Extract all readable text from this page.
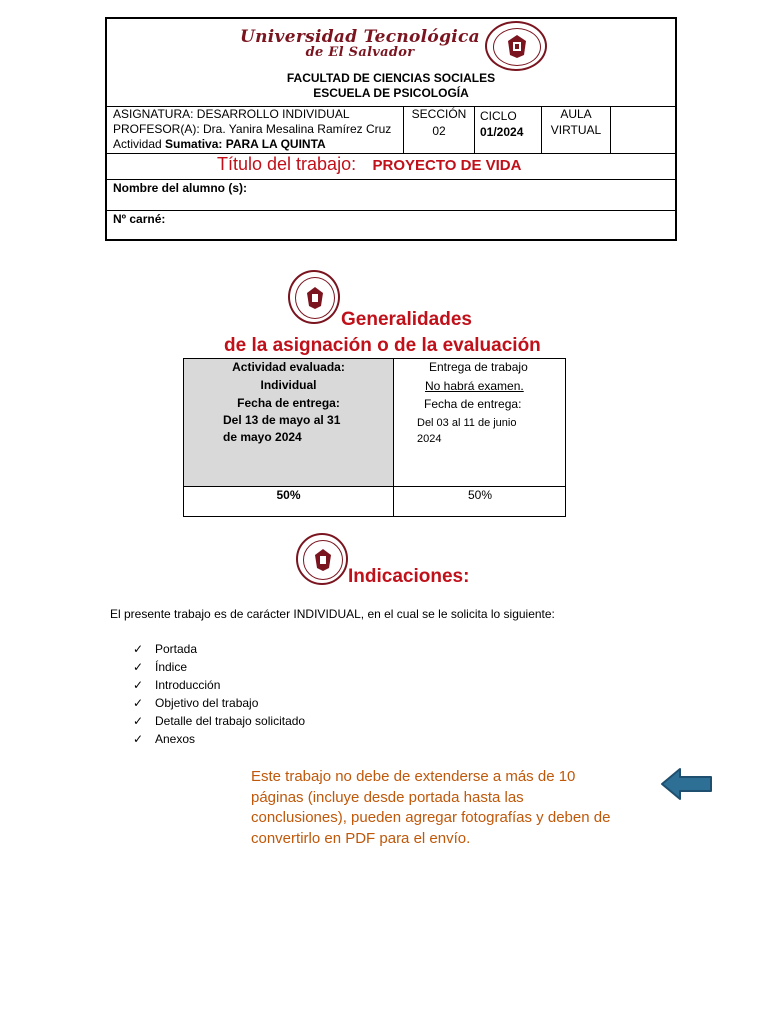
Universidad Tecnológica
de El Salvador
FACULTAD DE CIENCIAS SOCIALES
ESCUELA DE PSICOLOGÍA
ASIGNATURA: DESARROLLO INDIVIDUAL
PROFESOR(A): Dra. Yanira Mesalina Ramírez Cruz
Actividad Sumativa: PARA LA QUINTA
SECCIÓN
02
CICLO
01/2024
AULA
VIRTUAL
Título del trabajo: PROYECTO DE VIDA
Nombre del alumno (s):
Nº carné:
Generalidades
de la asignación o de la evaluación
Actividad evaluada:
Individual
Fecha de entrega:
Del 13 de mayo al 31
de mayo 2024
50%
Entrega de trabajo
No habrá examen.
Fecha de entrega:
Del 03 al 11 de junio
2024
50%
Indicaciones:
El presente trabajo es de carácter INDIVIDUAL, en el cual se le solicita lo siguiente:
✓ Portada
✓ Índice
✓ Introducción
✓ Objetivo del trabajo
✓ Detalle del trabajo solicitado
✓ Anexos
Este trabajo no debe de extenderse a más de 10
páginas (incluye desde portada hasta las
conclusiones), pueden agregar fotografías y deben de
convertirlo en PDF para el envío.
